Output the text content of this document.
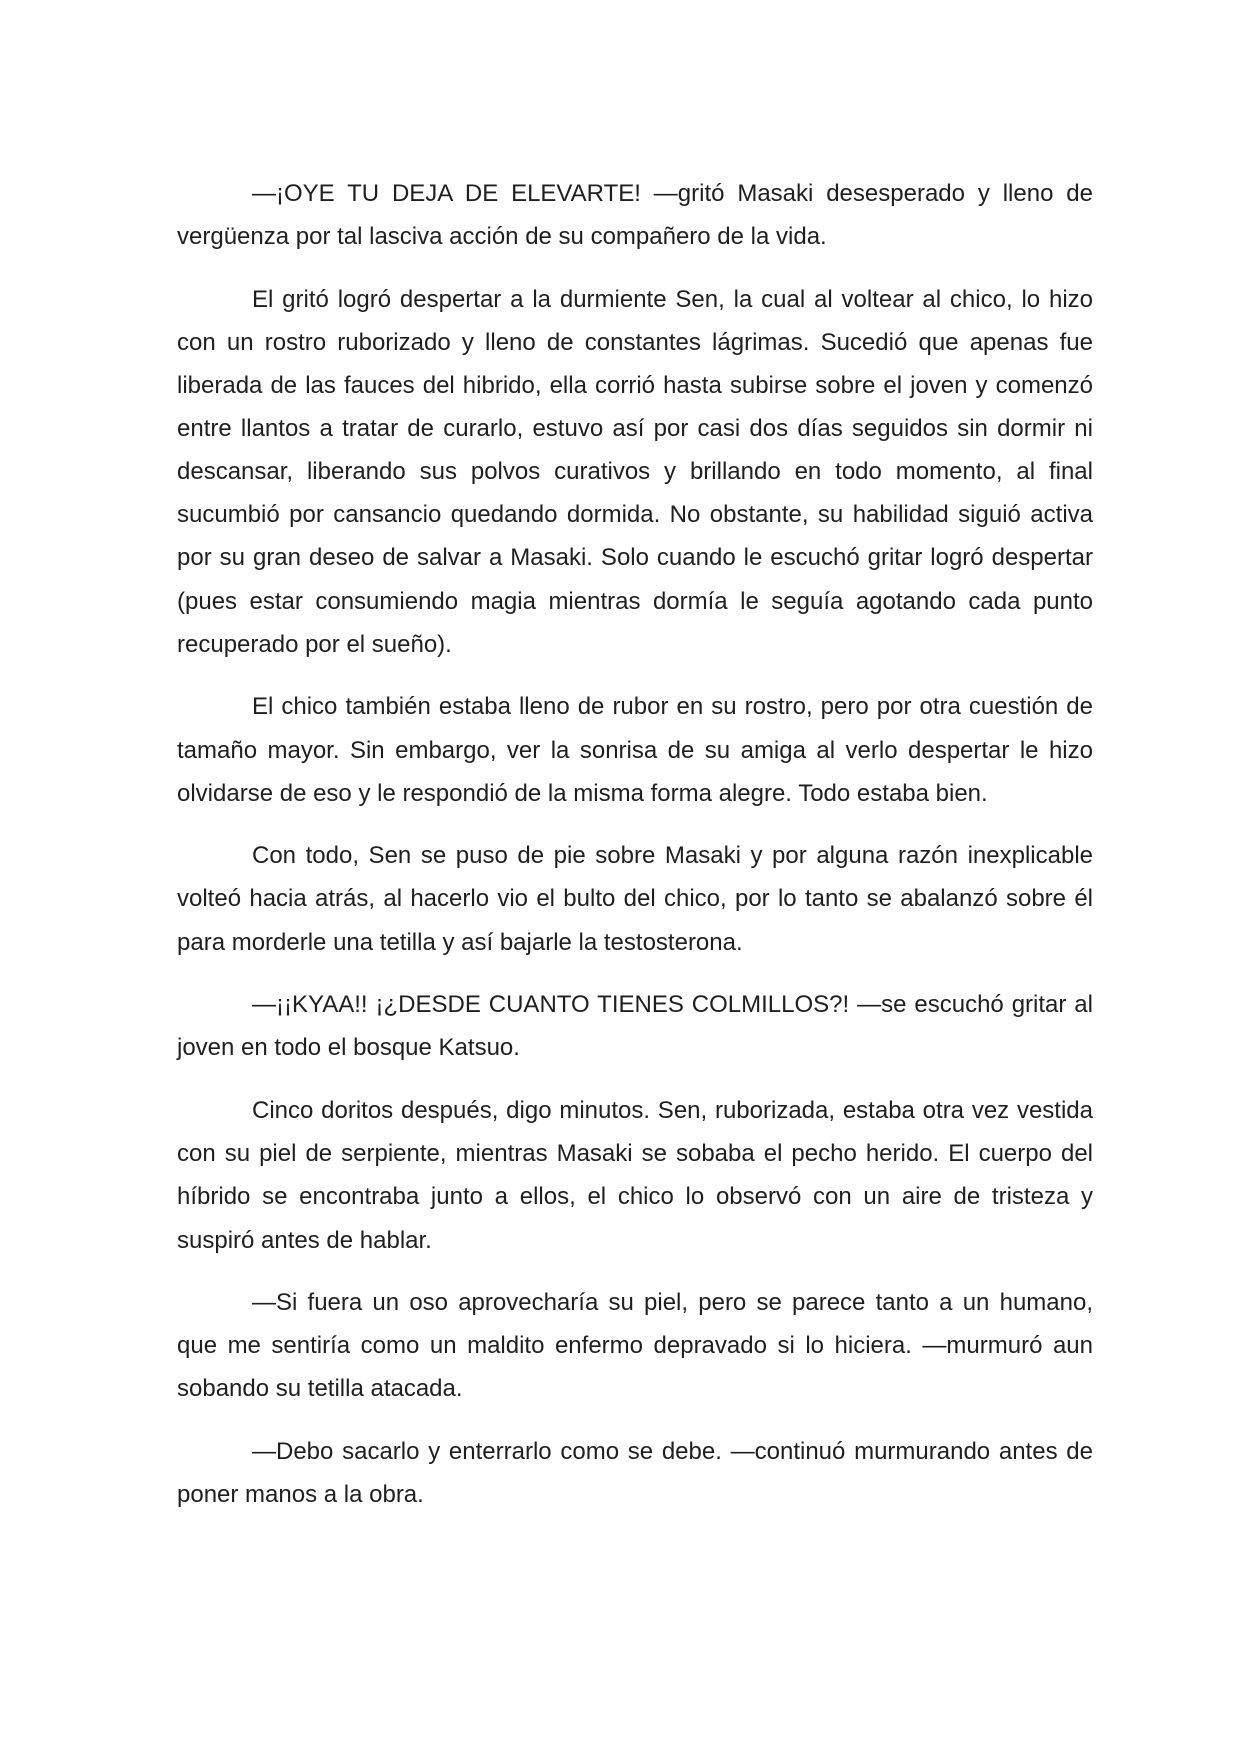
—¡OYE TU DEJA DE ELEVARTE! —gritó Masaki desesperado y lleno de vergüenza por tal lasciva acción de su compañero de la vida.

El gritó logró despertar a la durmiente Sen, la cual al voltear al chico, lo hizo con un rostro ruborizado y lleno de constantes lágrimas. Sucedió que apenas fue liberada de las fauces del hibrido, ella corrió hasta subirse sobre el joven y comenzó entre llantos a tratar de curarlo, estuvo así por casi dos días seguidos sin dormir ni descansar, liberando sus polvos curativos y brillando en todo momento, al final sucumbió por cansancio quedando dormida. No obstante, su habilidad siguió activa por su gran deseo de salvar a Masaki. Solo cuando le escuchó gritar logró despertar (pues estar consumiendo magia mientras dormía le seguía agotando cada punto recuperado por el sueño).

El chico también estaba lleno de rubor en su rostro, pero por otra cuestión de tamaño mayor. Sin embargo, ver la sonrisa de su amiga al verlo despertar le hizo olvidarse de eso y le respondió de la misma forma alegre. Todo estaba bien.

Con todo, Sen se puso de pie sobre Masaki y por alguna razón inexplicable volteó hacia atrás, al hacerlo vio el bulto del chico, por lo tanto se abalanzó sobre él para morderle una tetilla y así bajarle la testosterona.

—¡¡KYAA!! ¡¿DESDE CUANTO TIENES COLMILLOS?! —se escuchó gritar al joven en todo el bosque Katsuo.

Cinco doritos después, digo minutos. Sen, ruborizada, estaba otra vez vestida con su piel de serpiente, mientras Masaki se sobaba el pecho herido. El cuerpo del híbrido se encontraba junto a ellos, el chico lo observó con un aire de tristeza y suspiró antes de hablar.

—Si fuera un oso aprovecharía su piel, pero se parece tanto a un humano, que me sentiría como un maldito enfermo depravado si lo hiciera. —murmuró aun sobando su tetilla atacada.

—Debo sacarlo y enterrarlo como se debe. —continuó murmurando antes de poner manos a la obra.
